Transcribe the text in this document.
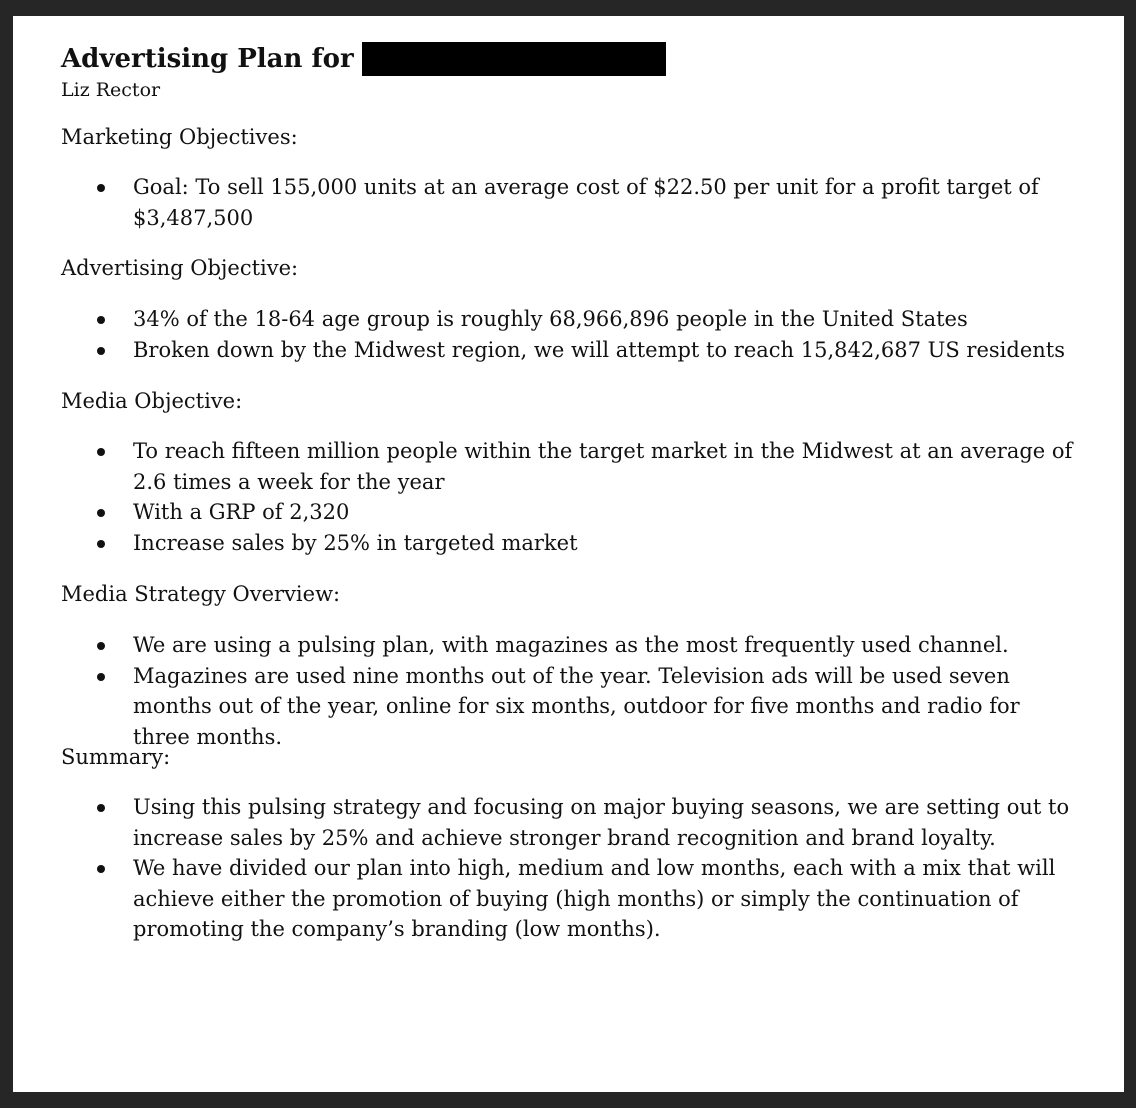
Advertising Plan for
Liz Rector
Marketing Objectives:
Goal: To sell 155,000 units at an average cost of $22.50 per unit for a profit target of $3,487,500
Advertising Objective:
34% of the 18-64 age group is roughly 68,966,896 people in the United States
Broken down by the Midwest region, we will attempt to reach 15,842,687 US residents
Media Objective:
To reach fifteen million people within the target market in the Midwest at an average of 2.6 times a week for the year
With a GRP of 2,320
Increase sales by 25% in targeted market
Media Strategy Overview:
We are using a pulsing plan, with magazines as the most frequently used channel.
Magazines are used nine months out of the year. Television ads will be used seven months out of the year, online for six months, outdoor for five months and radio for three months.
Summary:
Using this pulsing strategy and focusing on major buying seasons, we are setting out to increase sales by 25% and achieve stronger brand recognition and brand loyalty.
We have divided our plan into high, medium and low months, each with a mix that will achieve either the promotion of buying (high months) or simply the continuation of promoting the company’s branding (low months).
